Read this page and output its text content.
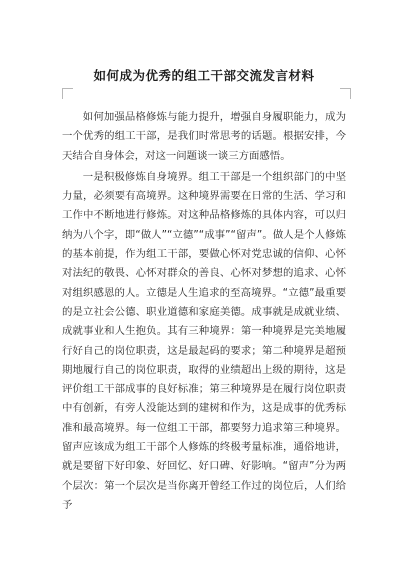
如何成为优秀的组工干部交流发言材料

如何加强品格修炼与能力提升，增强自身履职能力，成为一个优秀的组工干部，是我们时常思考的话题。根据安排，今天结合自身体会，对这一问题谈一谈三方面感悟。

一是积极修炼自身境界。组工干部是一个组织部门的中坚力量，必须要有高境界。这种境界需要在日常的生活、学习和工作中不断地进行修炼。对这种品格修炼的具体内容，可以归纳为八个字，即“做人”“立德”“成事”“留声”。做人是个人修炼的基本前提，作为组工干部，要做心怀对党忠诚的信仰、心怀对法纪的敬畏、心怀对群众的善良、心怀对梦想的追求、心怀对组织感恩的人。立德是人生追求的至高境界。“立德”最重要的是立社会公德、职业道德和家庭美德。成事就是成就业绩、成就事业和人生抱负。其有三种境界：第一种境界是完美地履行好自己的岗位职责，这是最起码的要求；第二种境界是超预期地履行自己的岗位职责，取得的业绩超出上级的期待，这是评价组工干部成事的良好标准；第三种境界是在履行岗位职责中有创新，有旁人没能达到的建树和作为，这是成事的优秀标准和最高境界。每一位组工干部，都要努力追求第三种境界。留声应该成为组工干部个人修炼的终极考量标准，通俗地讲，就是要留下好印象、好回忆、好口碑、好影响。“留声”分为两个层次：第一个层次是当你离开曾经工作过的岗位后，人们给予
